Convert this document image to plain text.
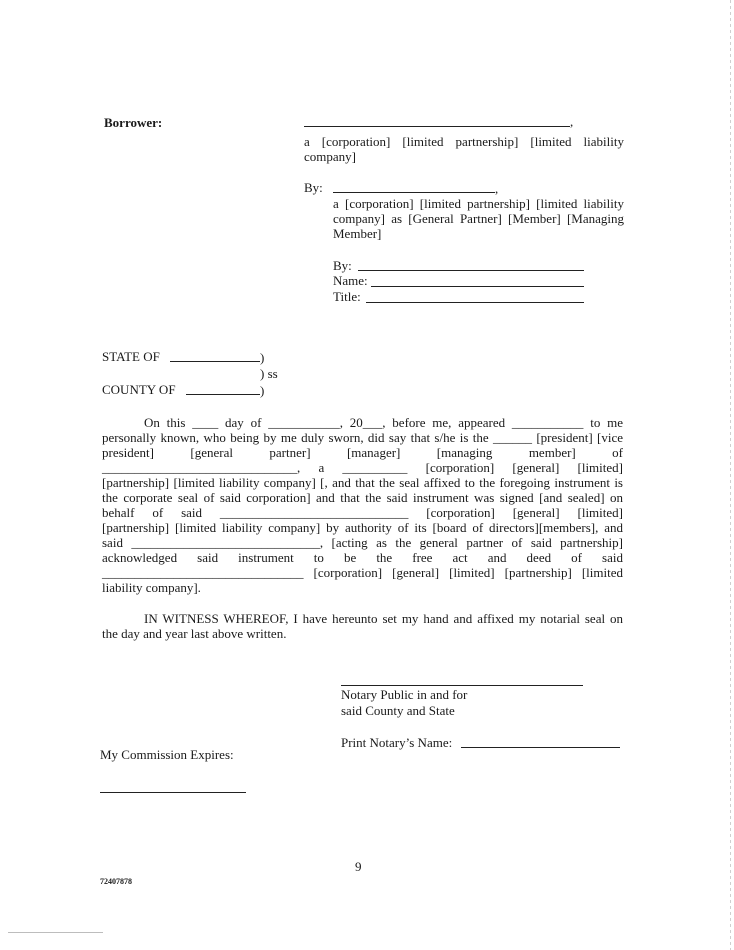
Borrower:	,
a [corporation] [limited partnership] [limited liability
company]
By:	,
a [corporation] [limited partnership] [limited liability
company] as [General Partner] [Member] [Managing
Member]
By:
Name:
Title:
STATE OF	)
) ss
COUNTY OF	)
On this ____ day of ___________, 20___, before me, appeared ___________ to me
personally known, who being by me duly sworn, did say that s/he is the ______ [president] [vice
president] [general partner] [manager] [managing member] of
______________________________, a __________ [corporation] [general] [limited]
[partnership] [limited liability company] [, and that the seal affixed to the foregoing instrument is
the corporate seal of said corporation] and that the said instrument was signed [and sealed] on
behalf of said _____________________________ [corporation] [general] [limited]
[partnership] [limited liability company] by authority of its [board of directors][members], and
said _____________________________, [acting as the general partner of said partnership]
acknowledged said instrument to be the free act and deed of said
_______________________________ [corporation] [general] [limited] [partnership] [limited
liability company].
IN WITNESS WHEREOF, I have hereunto set my hand and affixed my notarial seal on
the day and year last above written.
Notary Public in and for
said County and State
Print Notary’s Name:
My Commission Expires:
9
72407878
